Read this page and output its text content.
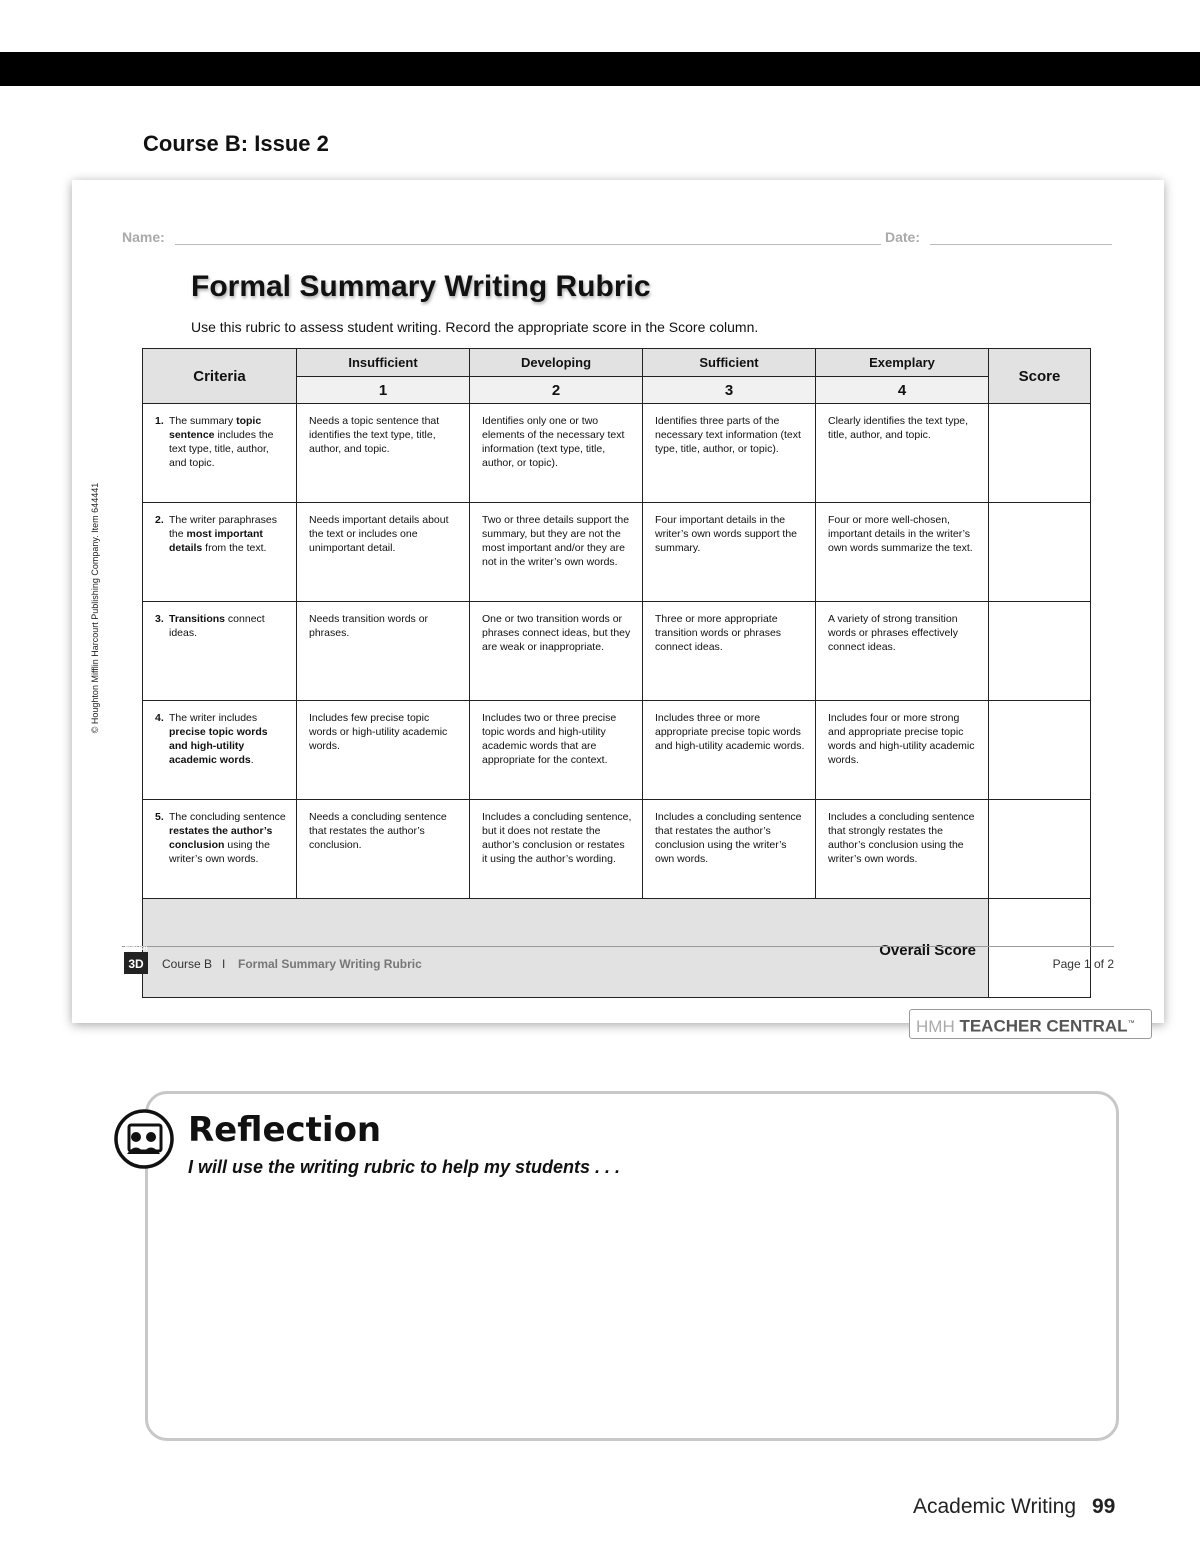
Course B: Issue 2
© Houghton Mifflin Harcourt Publishing Company. Item 644441
Name:	Date:
Formal Summary Writing Rubric
Use this rubric to assess student writing. Record the appropriate score in the Score column.
Criteria	Insufficient	Developing	Sufficient	Exemplary	Score
	1	2	3	4	

1. The summary topic sentence includes the text type, title, author, and topic.	Needs a topic sentence that identifies the text type, title, author, and topic.	Identifies only one or two elements of the necessary text information (text type, title, author, or topic).	Identifies three parts of the necessary text information (text type, title, author, or topic).	Clearly identifies the text type, title, author, and topic.	

2. The writer paraphrases the most important details from the text.	Needs important details about the text or includes one unimportant detail.	Two or three details support the summary, but they are not the most important and/or they are not in the writer’s own words.	Four important details in the writer’s own words support the summary.	Four or more well-chosen, important details in the writer’s own words summarize the text.	

3. Transitions connect ideas.	Needs transition words or phrases.	One or two transition words or phrases connect ideas, but they are weak or inappropriate.	Three or more appropriate transition words or phrases connect ideas.	A variety of strong transition words or phrases effectively connect ideas.	

4. The writer includes precise topic words and high-utility academic words.	Includes few precise topic words or high-utility academic words.	Includes two or three precise topic words and high-utility academic words that are appropriate for the context.	Includes three or more appropriate precise topic words and high-utility academic words.	Includes four or more strong and appropriate precise topic words and high-utility academic words.	

5. The concluding sentence restates the author’s conclusion using the writer’s own words.	Needs a concluding sentence that restates the author’s conclusion.	Includes a concluding sentence, but it does not restate the author’s conclusion or restates it using the author’s wording.	Includes a concluding sentence that restates the author’s conclusion using the writer’s own words.	Includes a concluding sentence that strongly restates the author’s conclusion using the writer’s own words.	
Overall Score					
ENGLISH
3D	Course B I Formal Summary Writing Rubric	Page 1 of 2
HMH TEACHER CENTRAL™
Reflection
I will use the writing rubric to help my students . . .
Academic Writing 99
